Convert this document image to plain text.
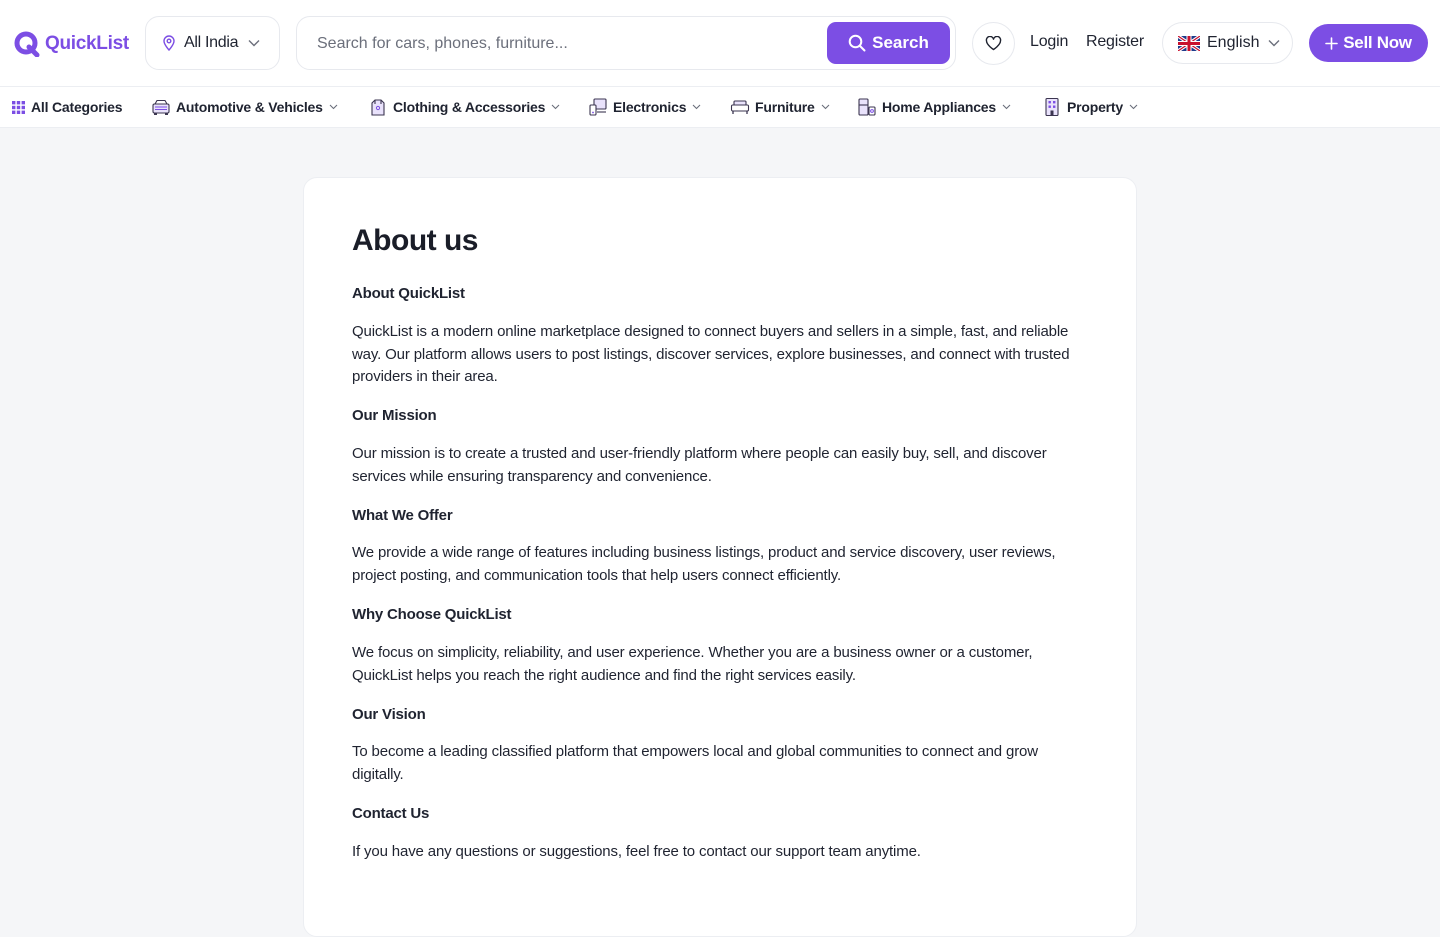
QuickList	All India
Search for cars, phones, furniture...	Search	Login Register	English	Sell Now
All Categories	Automotive & Vehicles	Clothing & Accessories	Electronics	Furniture	Home Appliances	Property
About us
About QuickList

QuickList is a modern online marketplace designed to connect buyers and sellers in a simple, fast, and reliable way. Our platform allows users to post listings, discover services, explore businesses, and connect with trusted providers in their area.

Our Mission

Our mission is to create a trusted and user-friendly platform where people can easily buy, sell, and discover services while ensuring transparency and convenience.

What We Offer

We provide a wide range of features including business listings, product and service discovery, user reviews, project posting, and communication tools that help users connect efficiently.

Why Choose QuickList

We focus on simplicity, reliability, and user experience. Whether you are a business owner or a customer, QuickList helps you reach the right audience and find the right services easily.

Our Vision

To become a leading classified platform that empowers local and global communities to connect and grow digitally.

Contact Us

If you have any questions or suggestions, feel free to contact our support team anytime.
